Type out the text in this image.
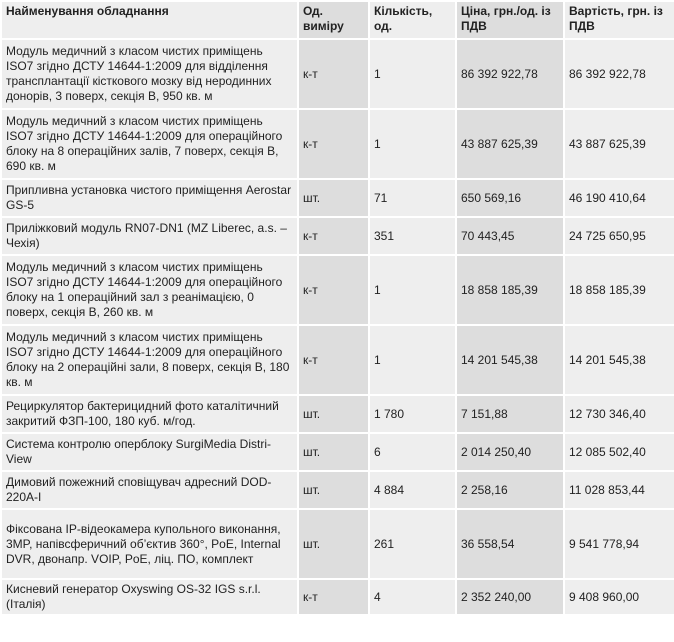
Найменування обладнання	Од. виміру	Кількість, од.	Ціна, грн./од. із ПДВ	Вартість, грн. із ПДВ
Модуль медичний з класом чистих приміщень ISO7 згідно ДСТУ 14644-1:2009 для відділення трансплантації кісткового мозку від неродинних донорів, 3 поверх, секція В, 950 кв. м	к-т	1	86 392 922,78	86 392 922,78
Модуль медичний з класом чистих приміщень ISO7 згідно ДСТУ 14644-1:2009 для операційного блоку на 8 операційних залів, 7 поверх, секція В, 690 кв. м	к-т	1	43 887 625,39	43 887 625,39
Припливна установка чистого приміщення Aerostar GS-5	шт.	71	650 569,16	46 190 410,64
Приліжковий модуль RN07-DN1 (MZ Liberec, a.s. – Чехія)	к-т	351	70 443,45	24 725 650,95
Модуль медичний з класом чистих приміщень ISO7 згідно ДСТУ 14644-1:2009 для операційного блоку на 1 операційний зал з реанімацією, 0 поверх, секція В, 260 кв. м	к-т	1	18 858 185,39	18 858 185,39
Модуль медичний з класом чистих приміщень ISO7 згідно ДСТУ 14644-1:2009 для операційного блоку на 2 операційні зали, 8 поверх, секція В, 180 кв. м	к-т	1	14 201 545,38	14 201 545,38
Рециркулятор бактерицидний фото каталітичний закритий ФЗП-100, 180 куб. м/год.	шт.	1 780	7 151,88	12 730 346,40
Система контролю оперблоку SurgiMedia Distri-View	шт.	6	2 014 250,40	12 085 502,40
Димовий пожежний сповіщувач адресний DOD-220A-I	шт.	4 884	2 258,16	11 028 853,44
Фіксована IP-відеокамера купольного виконання, 3MP, напівсферичний об’єктив 360°, PoE, Internal DVR, двонапр. VOIP, PoE, ліц. ПО, комплект	шт.	261	36 558,54	9 541 778,94
Кисневий генератор Oxyswing OS-32 IGS s.r.l. (Італія)	к-т	4	2 352 240,00	9 408 960,00
